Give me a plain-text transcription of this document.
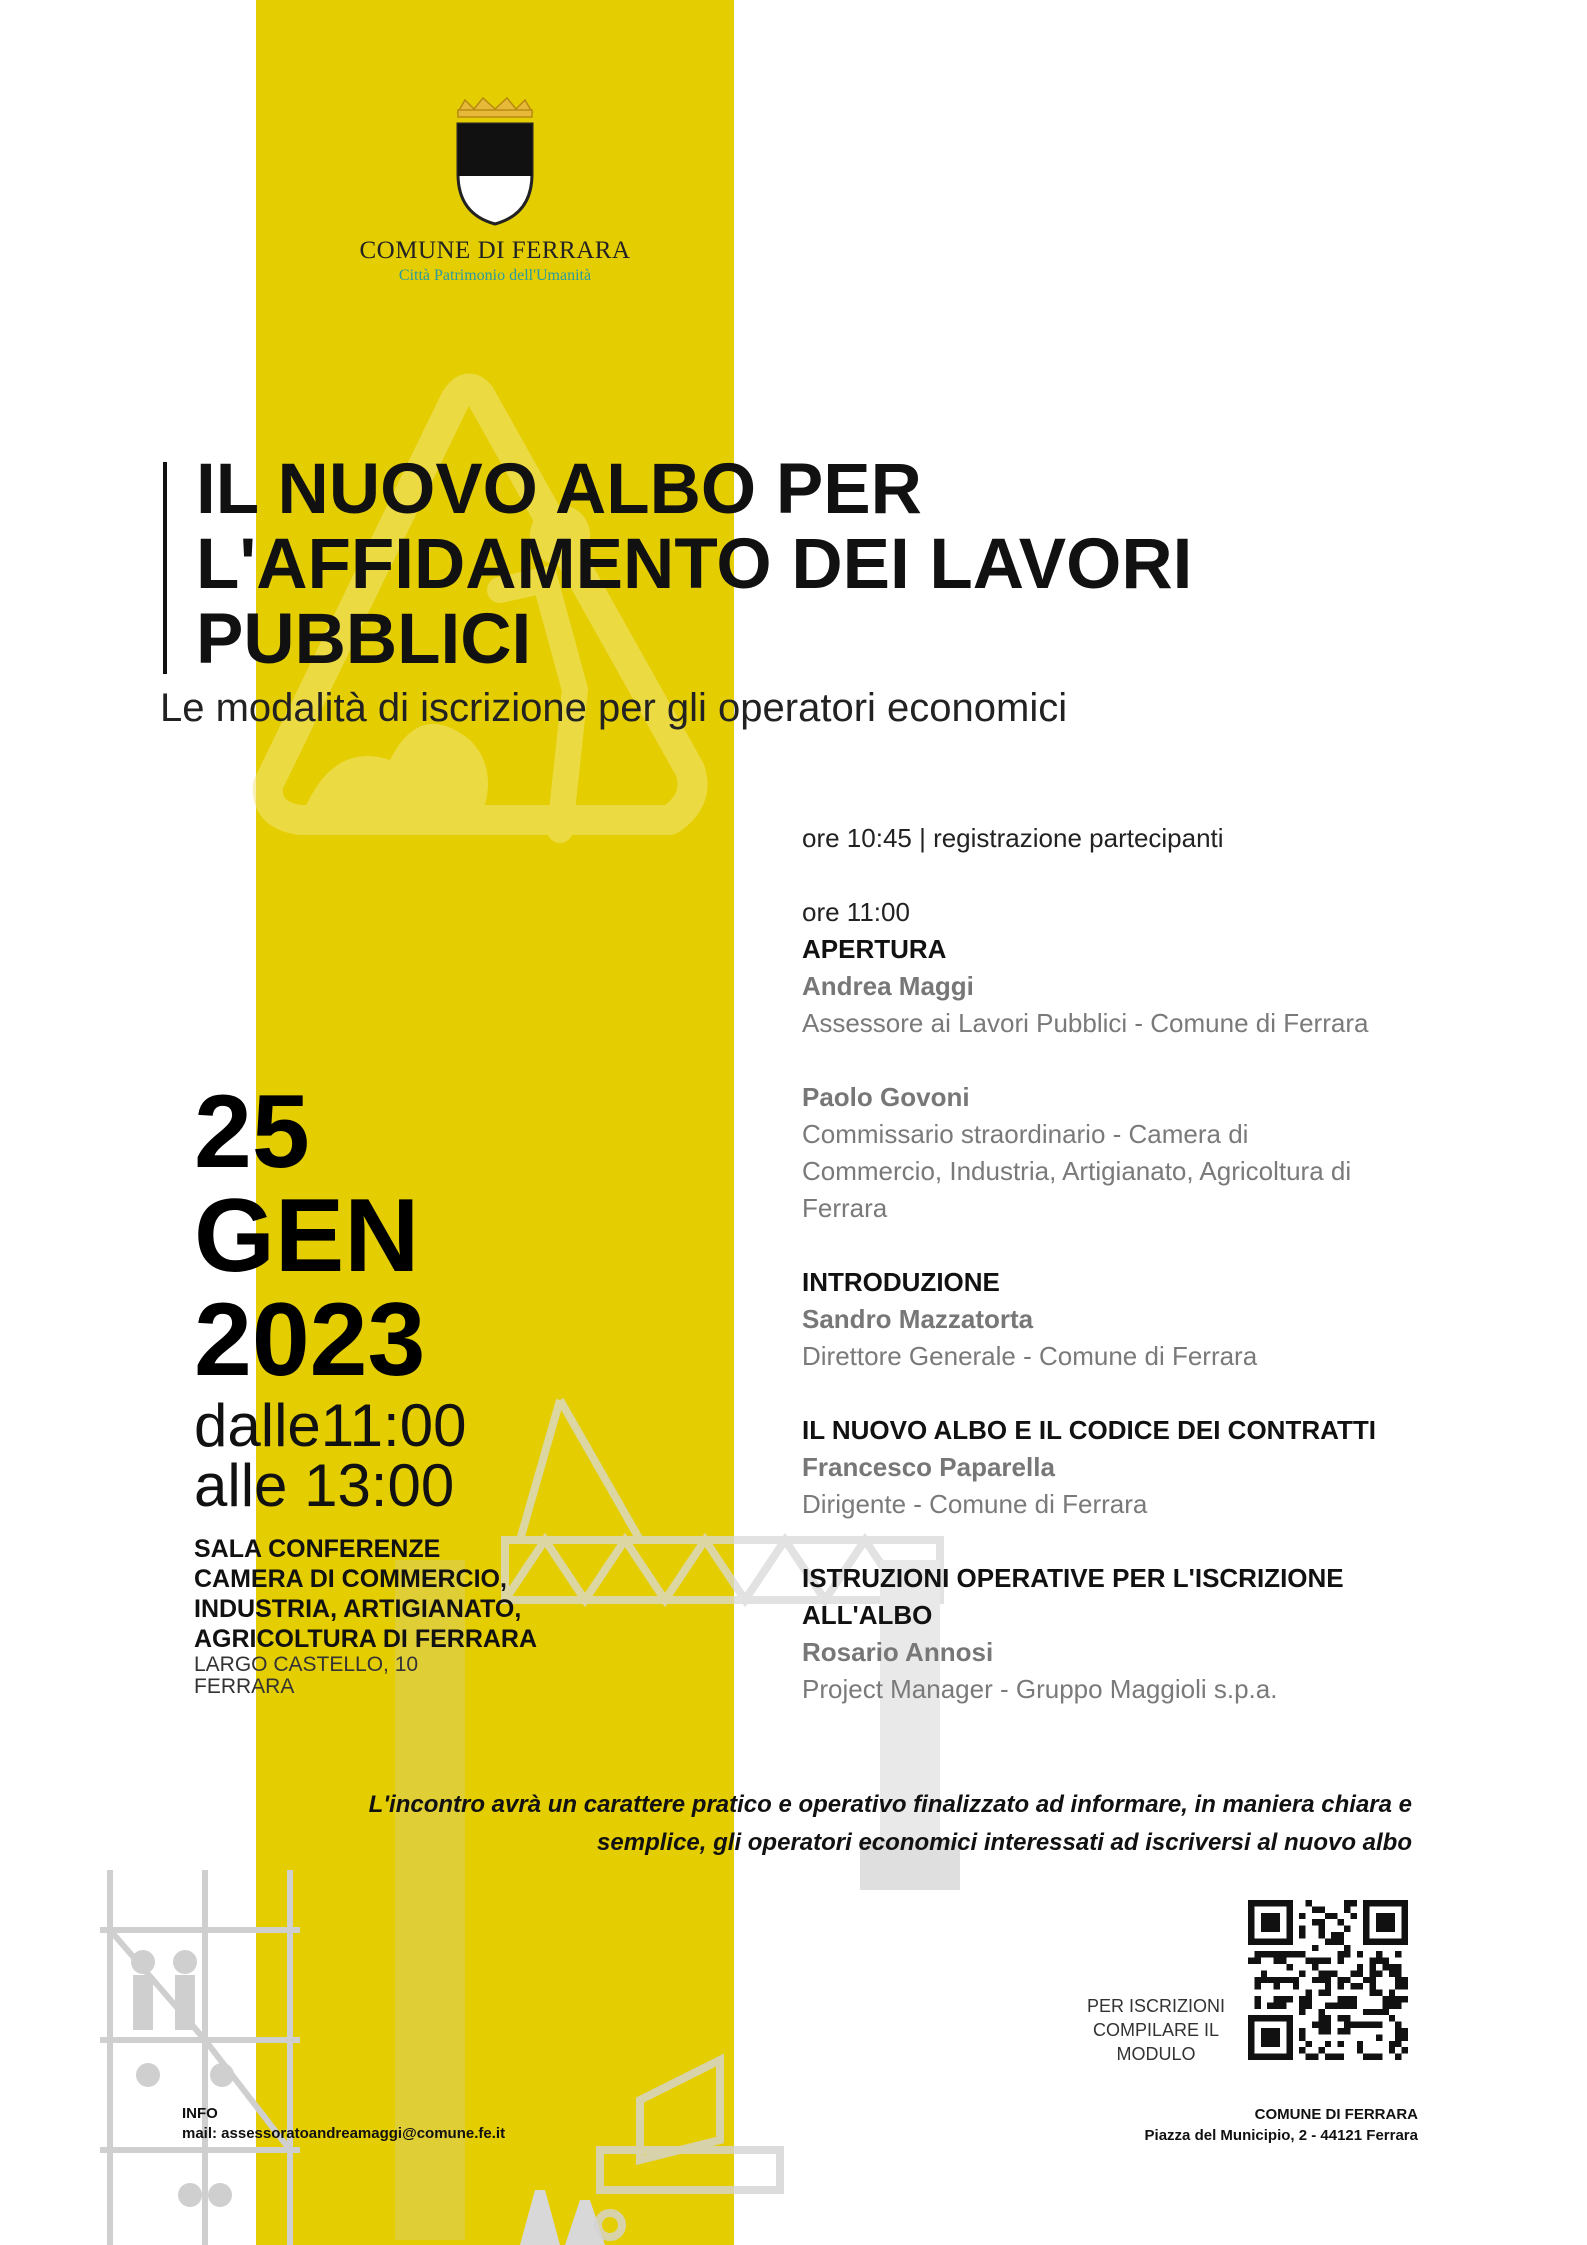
COMUNE DI FERRARA
Città Patrimonio dell'Umanità
IL NUOVO ALBO PER
L'AFFIDAMENTO DEI LAVORI
PUBBLICI
Le modalità di iscrizione per gli operatori economici
25
GEN
2023
dalle11:00
alle 13:00
SALA CONFERENZE
CAMERA DI COMMERCIO,
INDUSTRIA, ARTIGIANATO,
AGRICOLTURA DI FERRARA
LARGO CASTELLO, 10
FERRARA
ore 10:45 | registrazione partecipanti
ore 11:00
APERTURA
Andrea Maggi
Assessore ai Lavori Pubblici - Comune di Ferrara
Paolo Govoni
Commissario straordinario - Camera di
Commercio, Industria, Artigianato, Agricoltura di
Ferrara
INTRODUZIONE
Sandro Mazzatorta
Direttore Generale - Comune di Ferrara
IL NUOVO ALBO E IL CODICE DEI CONTRATTI
Francesco Paparella
Dirigente - Comune di Ferrara
ISTRUZIONI OPERATIVE PER L'ISCRIZIONE
ALL'ALBO
Rosario Annosi
Project Manager - Gruppo Maggioli s.p.a.
L'incontro avrà un carattere pratico e operativo finalizzato ad informare, in maniera chiara e
semplice, gli operatori economici interessati ad iscriversi al nuovo albo
PER ISCRIZIONI
COMPILARE IL
MODULO
INFO
mail: assessoratoandreamaggi@comune.fe.it
COMUNE DI FERRARA
Piazza del Municipio, 2 - 44121 Ferrara
